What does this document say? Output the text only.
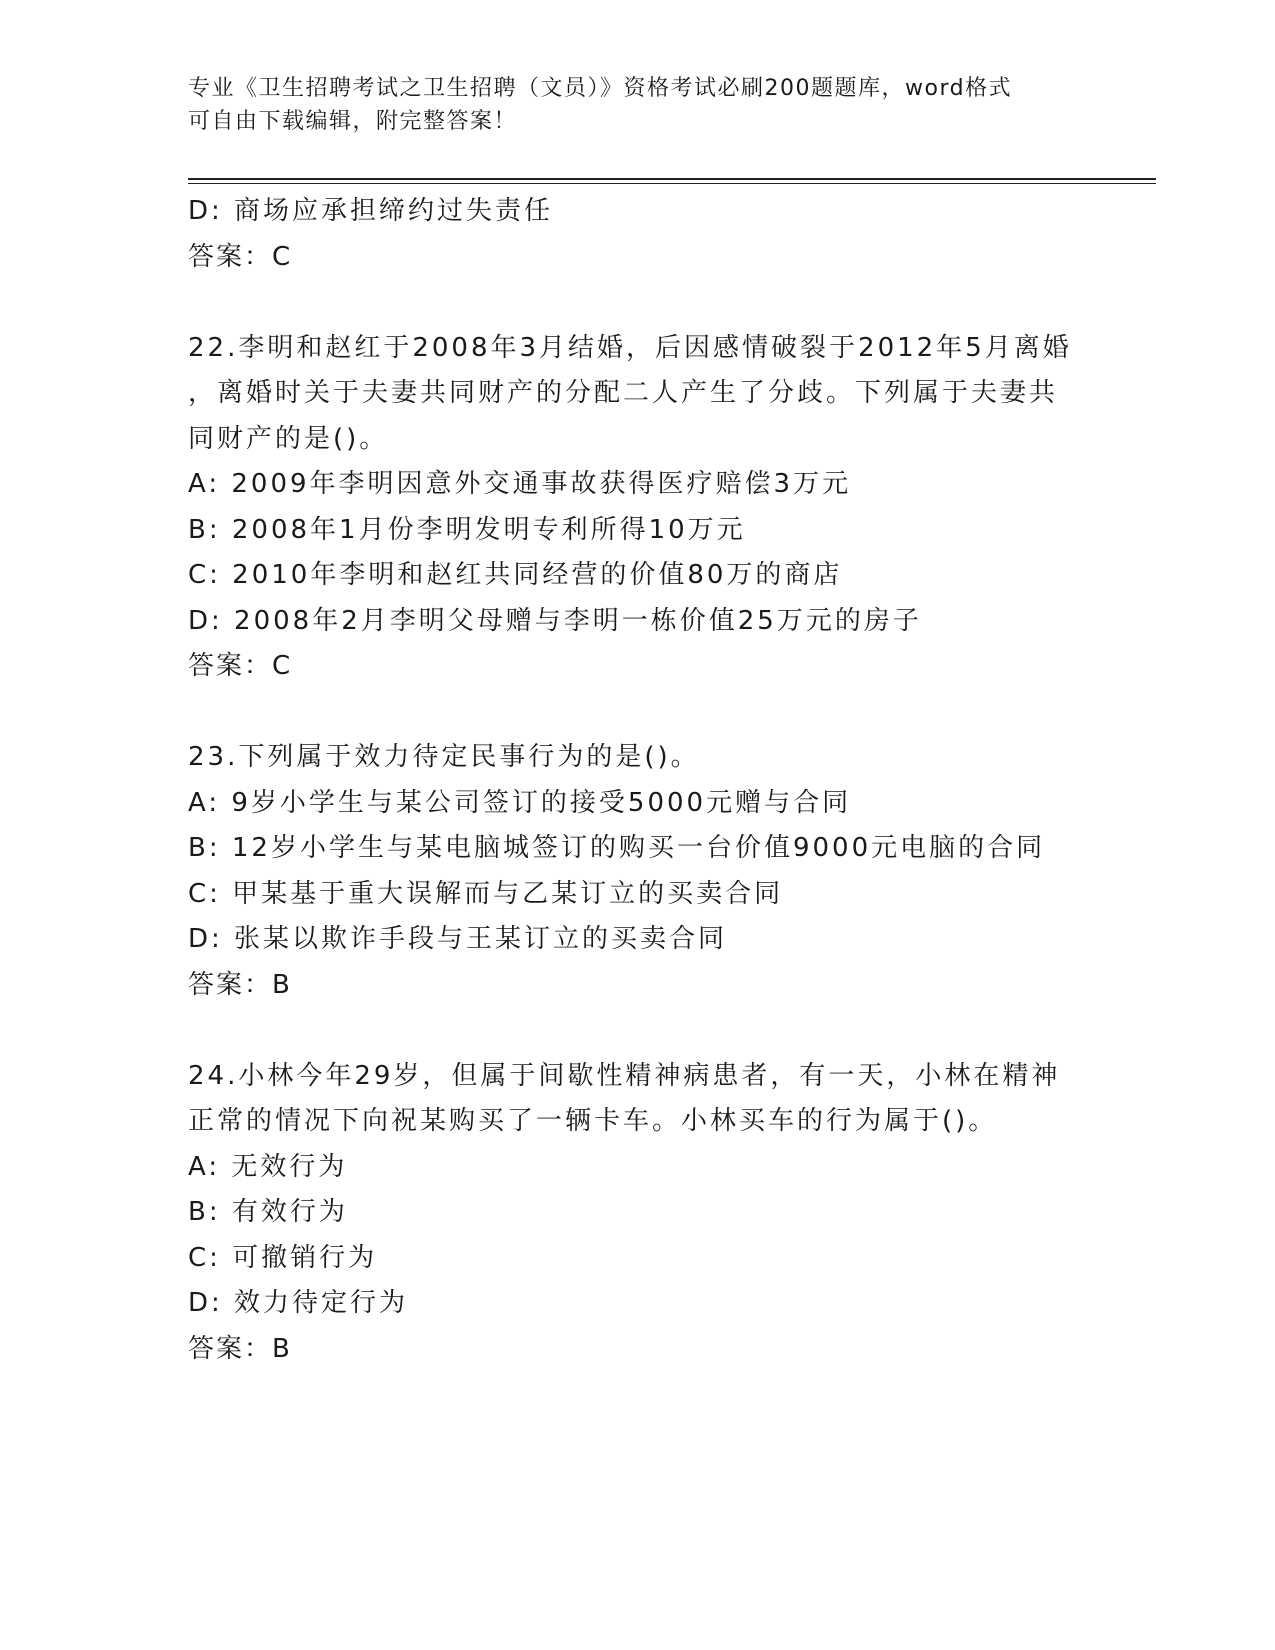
专业《卫生招聘考试之卫生招聘（文员）》资格考试必刷200题题库，word格式
可自由下载编辑，附完整答案！
D: 商场应承担缔约过失责任
答案：C
22.李明和赵红于2008年3月结婚，后因感情破裂于2012年5月离婚
，离婚时关于夫妻共同财产的分配二人产生了分歧。下列属于夫妻共
同财产的是()。
A: 2009年李明因意外交通事故获得医疗赔偿3万元
B: 2008年1月份李明发明专利所得10万元
C: 2010年李明和赵红共同经营的价值80万的商店
D: 2008年2月李明父母赠与李明一栋价值25万元的房子
答案：C
23.下列属于效力待定民事行为的是()。
A: 9岁小学生与某公司签订的接受5000元赠与合同
B: 12岁小学生与某电脑城签订的购买一台价值9000元电脑的合同
C: 甲某基于重大误解而与乙某订立的买卖合同
D: 张某以欺诈手段与王某订立的买卖合同
答案：B
24.小林今年29岁，但属于间歇性精神病患者，有一天，小林在精神
正常的情况下向祝某购买了一辆卡车。小林买车的行为属于()。
A: 无效行为
B: 有效行为
C: 可撤销行为
D: 效力待定行为
答案：B
